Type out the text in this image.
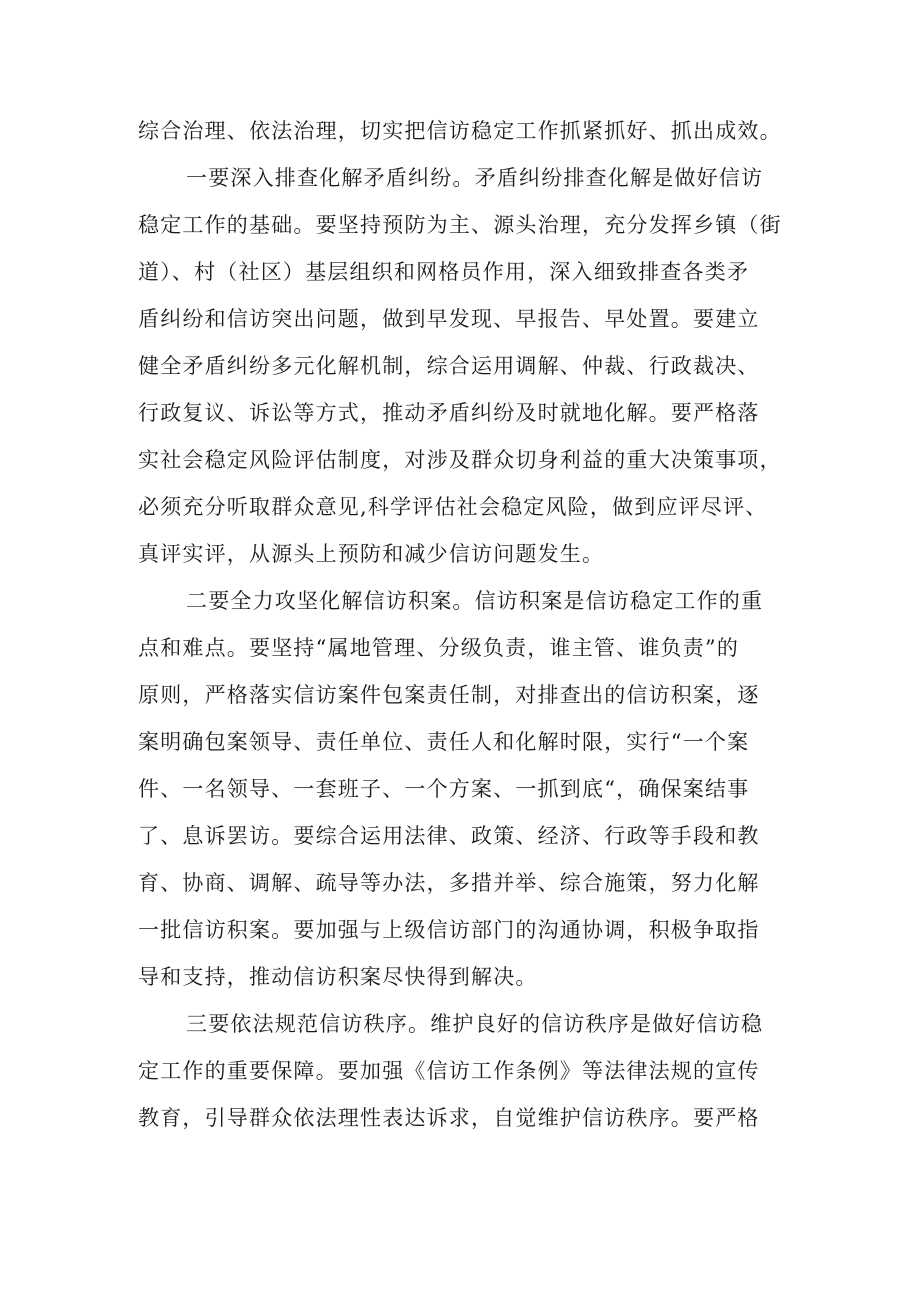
综合治理、依法治理，切实把信访稳定工作抓紧抓好、抓出成效。
一要深入排查化解矛盾纠纷。矛盾纠纷排查化解是做好信访
稳定工作的基础。要坚持预防为主、源头治理，充分发挥乡镇（街
道）、村（社区）基层组织和网格员作用，深入细致排查各类矛
盾纠纷和信访突出问题，做到早发现、早报告、早处置。要建立
健全矛盾纠纷多元化解机制，综合运用调解、仲裁、行政裁决、
行政复议、诉讼等方式，推动矛盾纠纷及时就地化解。要严格落
实社会稳定风险评估制度，对涉及群众切身利益的重大决策事项，
必须充分听取群众意见,科学评估社会稳定风险，做到应评尽评、
真评实评，从源头上预防和减少信访问题发生。
二要全力攻坚化解信访积案。信访积案是信访稳定工作的重
点和难点。要坚持“属地管理、分级负责，谁主管、谁负责”的
原则，严格落实信访案件包案责任制，对排查出的信访积案，逐
案明确包案领导、责任单位、责任人和化解时限，实行“一个案
件、一名领导、一套班子、一个方案、一抓到底“，确保案结事
了、息诉罢访。要综合运用法律、政策、经济、行政等手段和教
育、协商、调解、疏导等办法，多措并举、综合施策，努力化解
一批信访积案。要加强与上级信访部门的沟通协调，积极争取指
导和支持，推动信访积案尽快得到解决。
三要依法规范信访秩序。维护良好的信访秩序是做好信访稳
定工作的重要保障。要加强《信访工作条例》等法律法规的宣传
教育，引导群众依法理性表达诉求，自觉维护信访秩序。要严格
